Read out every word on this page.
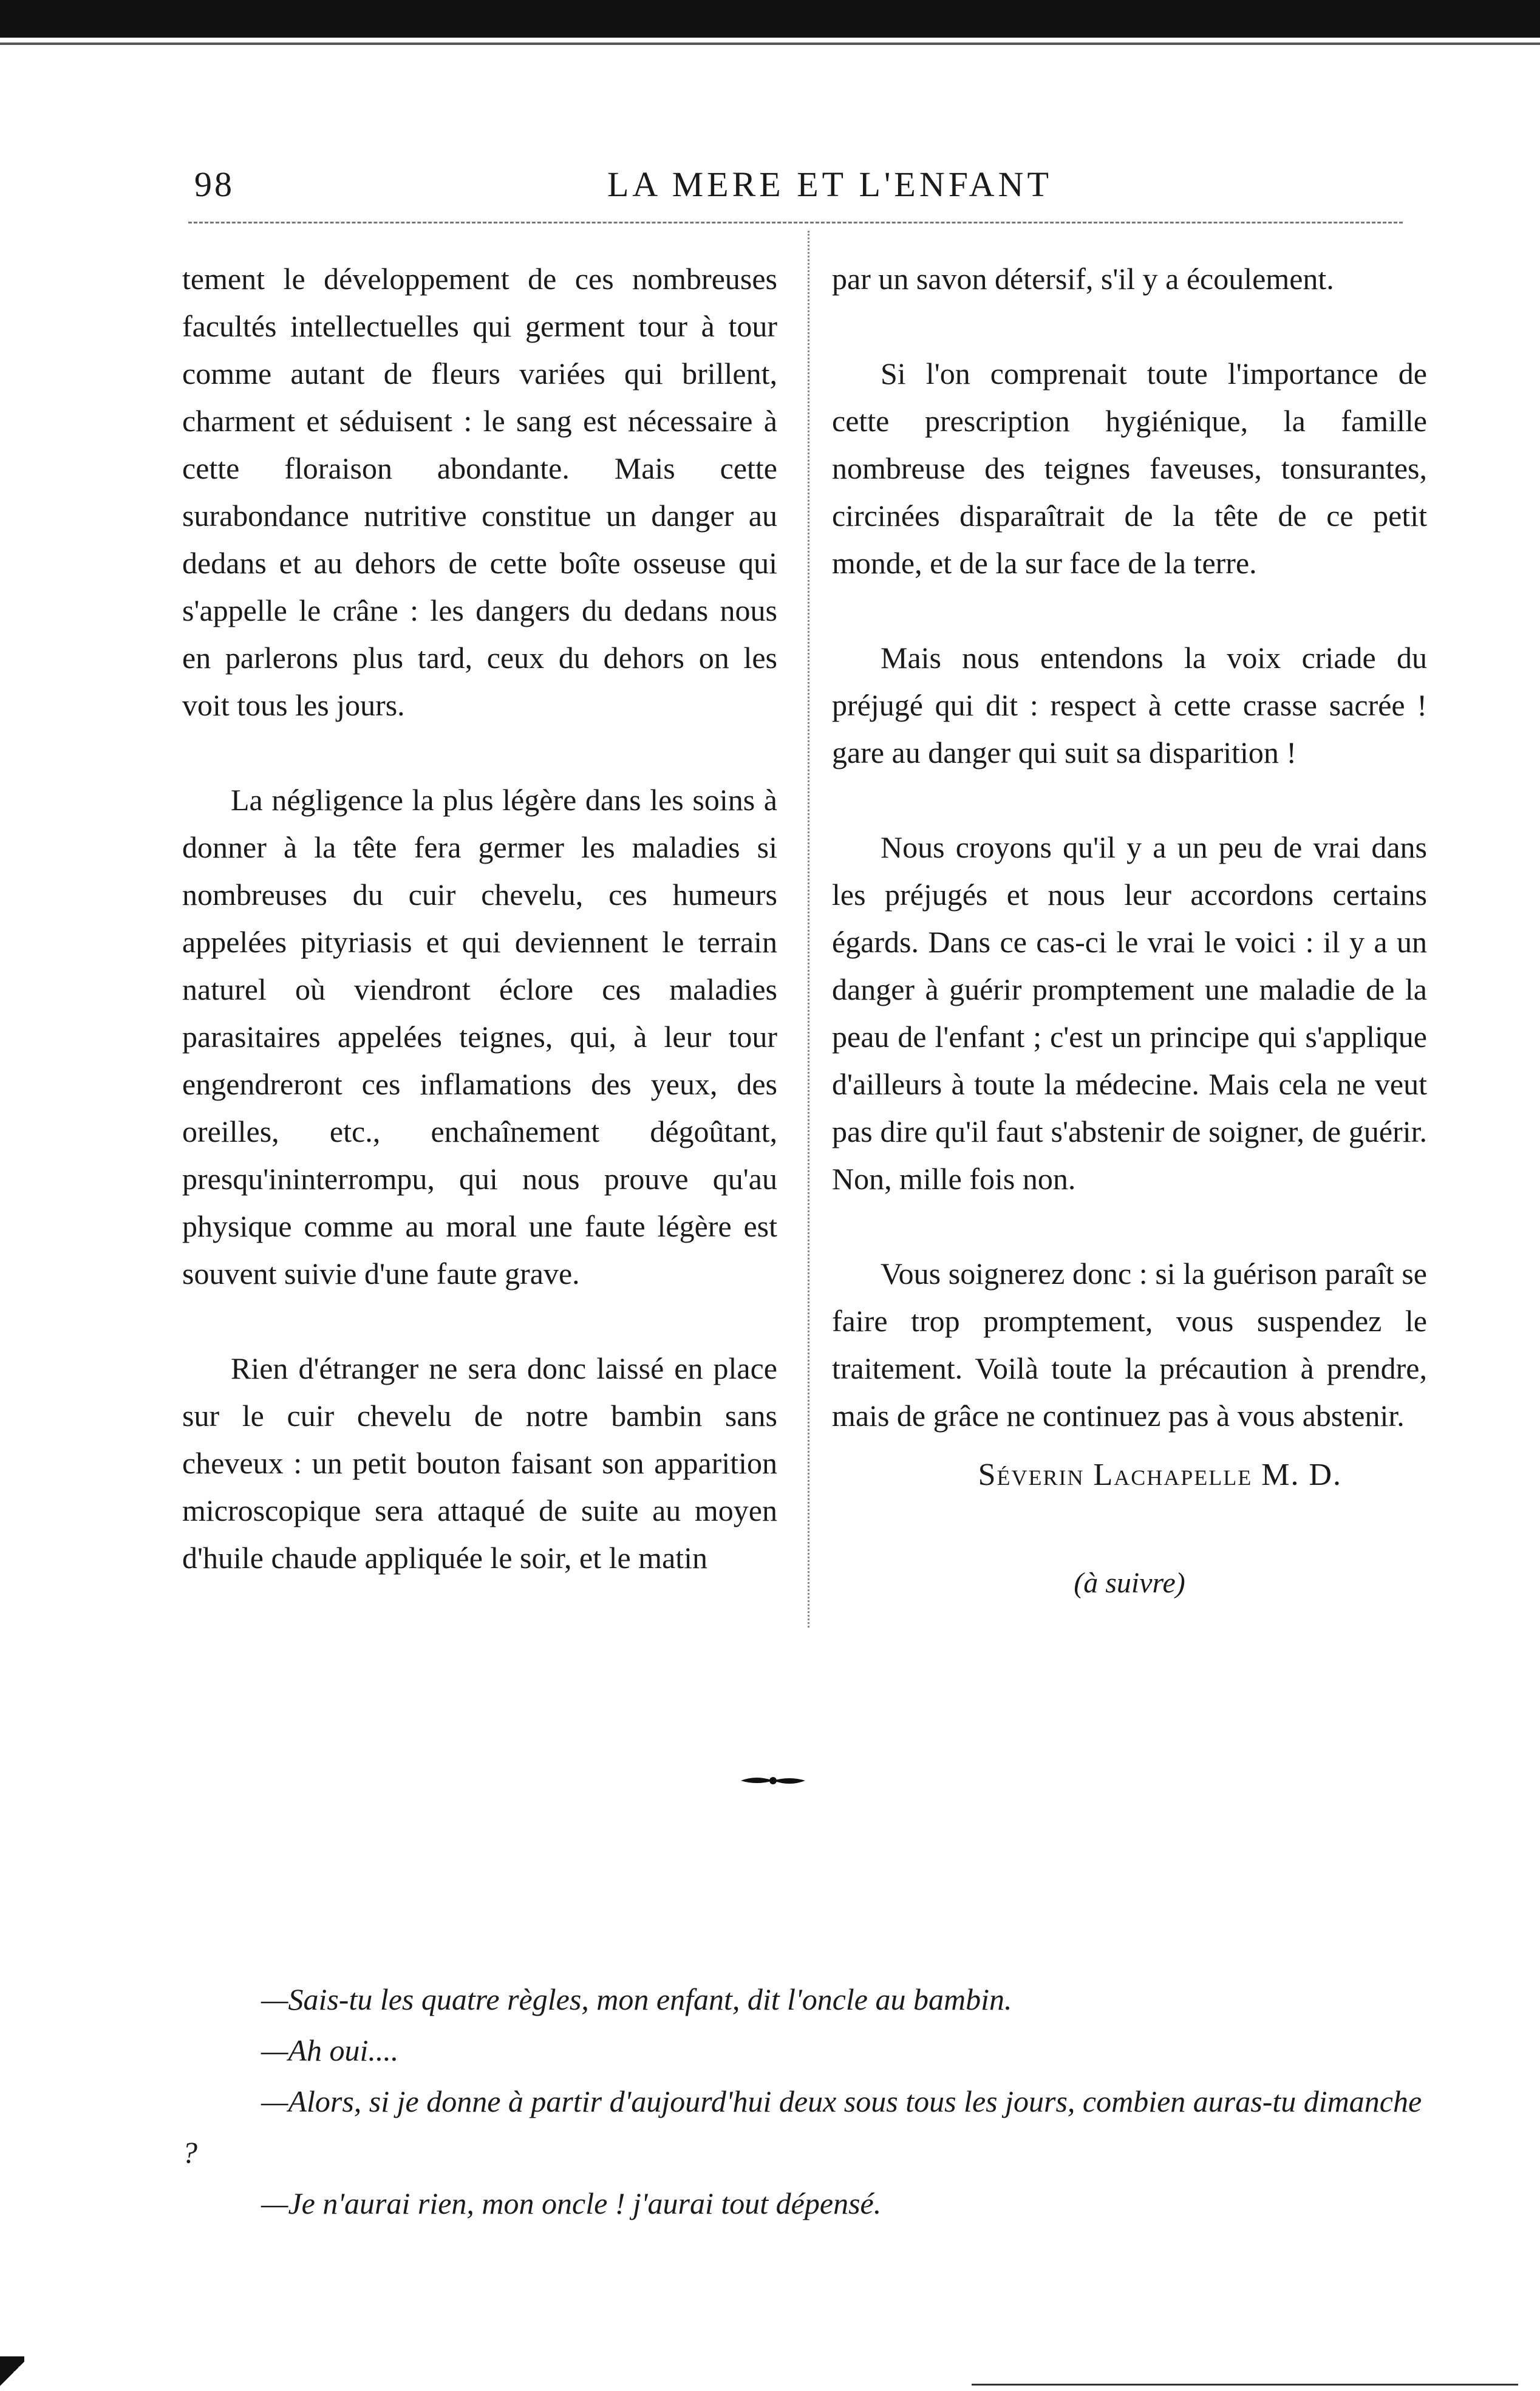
98	LA MERE ET L'ENFANT

tement le développement de ces nombreuses facultés intellectuelles qui germent tour à tour comme autant de fleurs variées qui brillent, charment et séduisent : le sang est nécessaire à cette floraison abondante. Mais cette surabondance nutritive constitue un danger au dedans et au dehors de cette boîte osseuse qui s'appelle le crâne : les dangers du dedans nous en parlerons plus tard, ceux du dehors on les voit tous les jours.

La négligence la plus légère dans les soins à donner à la tête fera germer les maladies si nombreuses du cuir chevelu, ces humeurs appelées pityriasis et qui deviennent le terrain naturel où viendront éclore ces maladies parasitaires appelées teignes, qui, à leur tour engendreront ces inflamations des yeux, des oreilles, etc., enchaînement dégoûtant, presqu'ininterrompu, qui nous prouve qu'au physique comme au moral une faute légère est souvent suivie d'une faute grave.

Rien d'étranger ne sera donc laissé en place sur le cuir chevelu de notre bambin sans cheveux : un petit bouton faisant son apparition microscopique sera attaqué de suite au moyen d'huile chaude appliquée le soir, et le matin

par un savon détersif, s'il y a écoulement.

Si l'on comprenait toute l'importance de cette prescription hygiénique, la famille nombreuse des teignes faveuses, tonsurantes, circinées disparaîtrait de la tête de ce petit monde, et de la sur face de la terre.

Mais nous entendons la voix criade du préjugé qui dit : respect à cette crasse sacrée ! gare au danger qui suit sa disparition !

Nous croyons qu'il y a un peu de vrai dans les préjugés et nous leur accordons certains égards. Dans ce cas-ci le vrai le voici : il y a un danger à guérir promptement une maladie de la peau de l'enfant ; c'est un principe qui s'applique d'ailleurs à toute la médecine. Mais cela ne veut pas dire qu'il faut s'abstenir de soigner, de guérir. Non, mille fois non.

Vous soignerez donc : si la guérison paraît se faire trop promptement, vous suspendez le traitement. Voilà toute la précaution à prendre, mais de grâce ne continuez pas à vous abstenir.

Séverin Lachapelle M. D.
(à suivre)
—Sais-tu les quatre règles, mon enfant, dit l'oncle au bambin.
—Ah oui....
—Alors, si je donne à partir d'aujourd'hui deux sous tous les jours, combien auras-tu dimanche ?
—Je n'aurai rien, mon oncle ! j'aurai tout dépensé.
